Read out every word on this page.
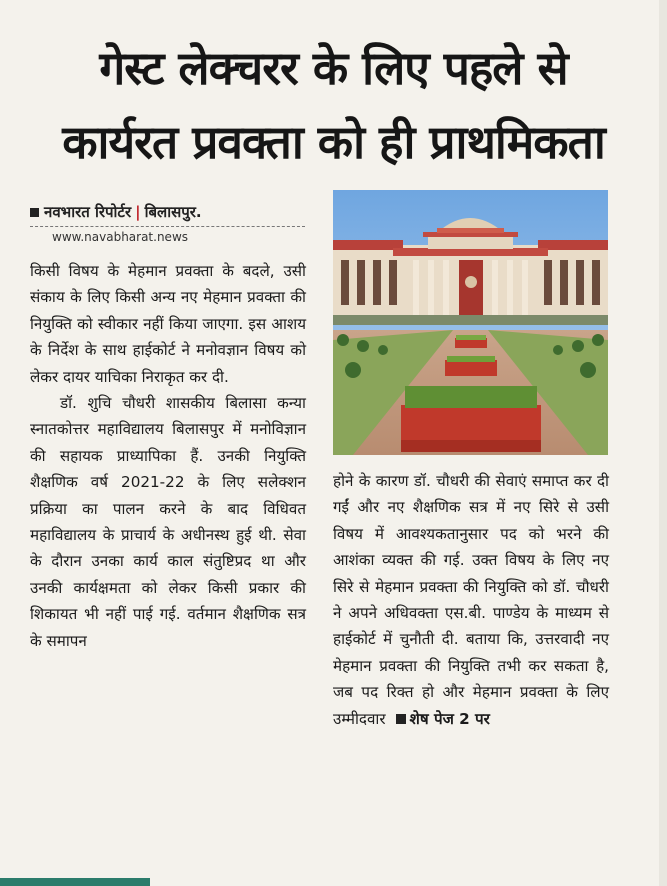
गेस्ट लेक्चरर के लिए पहले से
कार्यरत प्रवक्ता को ही प्राथमिकता
नवभारत रिपोर्टर | बिलासपुर.
www.navabharat.news

किसी विषय के मेहमान प्रवक्ता के बदले, उसी संकाय के लिए किसी अन्य नए मेहमान प्रवक्ता की नियुक्ति को स्वीकार नहीं किया जाएगा. इस आशय के निर्देश के साथ हाईकोर्ट ने मनोवज्ञान विषय को लेकर दायर याचिका निराकृत कर दी.

डॉ. शुचि चौधरी शासकीय बिलासा कन्या स्नातकोत्तर महाविद्यालय बिलासपुर में मनोविज्ञान की सहायक प्राध्यापिका हैं. उनकी नियुक्ति शैक्षणिक वर्ष 2021-22 के लिए सलेक्शन प्रक्रिया का पालन करने के बाद विधिवत महाविद्यालय के प्राचार्य के अधीनस्थ हुई थी. सेवा के दौरान उनका कार्य काल संतुष्टिप्रद था और उनकी कार्यक्षमता को लेकर किसी प्रकार की शिकायत भी नहीं पाई गई. वर्तमान शैक्षणिक सत्र के समापन

होने के कारण डॉ. चौधरी की सेवाएं समाप्त कर दी गईं और नए शैक्षणिक सत्र में नए सिरे से उसी विषय में आवश्यकतानुसार पद को भरने की आशंका व्यक्त की गई. उक्त विषय के लिए नए सिरे से मेहमान प्रवक्ता की नियुक्ति को डॉ. चौधरी ने अपने अधिवक्ता एस.बी. पाण्डेय के माध्यम से हाईकोर्ट में चुनौती दी. बताया कि, उत्तरवादी नए मेहमान प्रवक्ता की नियुक्ति तभी कर सकता है, जब पद रिक्त हो और मेहमान प्रवक्ता के लिए उम्मीदवार शेष पेज 2 पर
